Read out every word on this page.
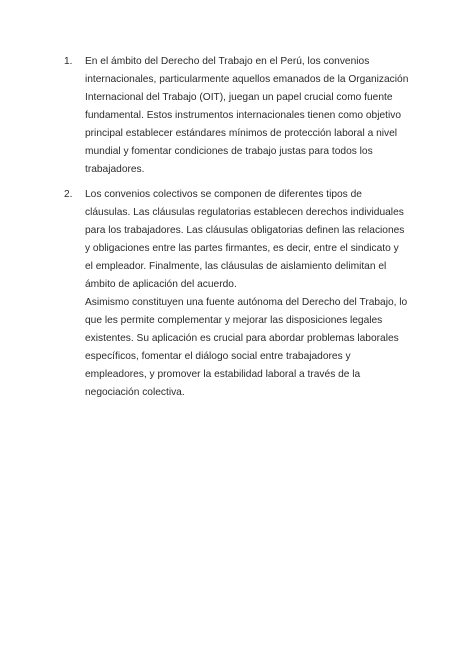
1.	En el ámbito del Derecho del Trabajo en el Perú, los convenios internacionales, particularmente aquellos emanados de la Organización Internacional del Trabajo (OIT), juegan un papel crucial como fuente fundamental. Estos instrumentos internacionales tienen como objetivo principal establecer estándares mínimos de protección laboral a nivel mundial y fomentar condiciones de trabajo justas para todos los trabajadores.

2.	Los convenios colectivos se componen de diferentes tipos de cláusulas. Las cláusulas regulatorias establecen derechos individuales para los trabajadores. Las cláusulas obligatorias definen las relaciones y obligaciones entre las partes firmantes, es decir, entre el sindicato y el empleador. Finalmente, las cláusulas de aislamiento delimitan el ámbito de aplicación del acuerdo.

Asimismo constituyen una fuente autónoma del Derecho del Trabajo, lo que les permite complementar y mejorar las disposiciones legales existentes. Su aplicación es crucial para abordar problemas laborales específicos, fomentar el diálogo social entre trabajadores y empleadores, y promover la estabilidad laboral a través de la negociación colectiva.
